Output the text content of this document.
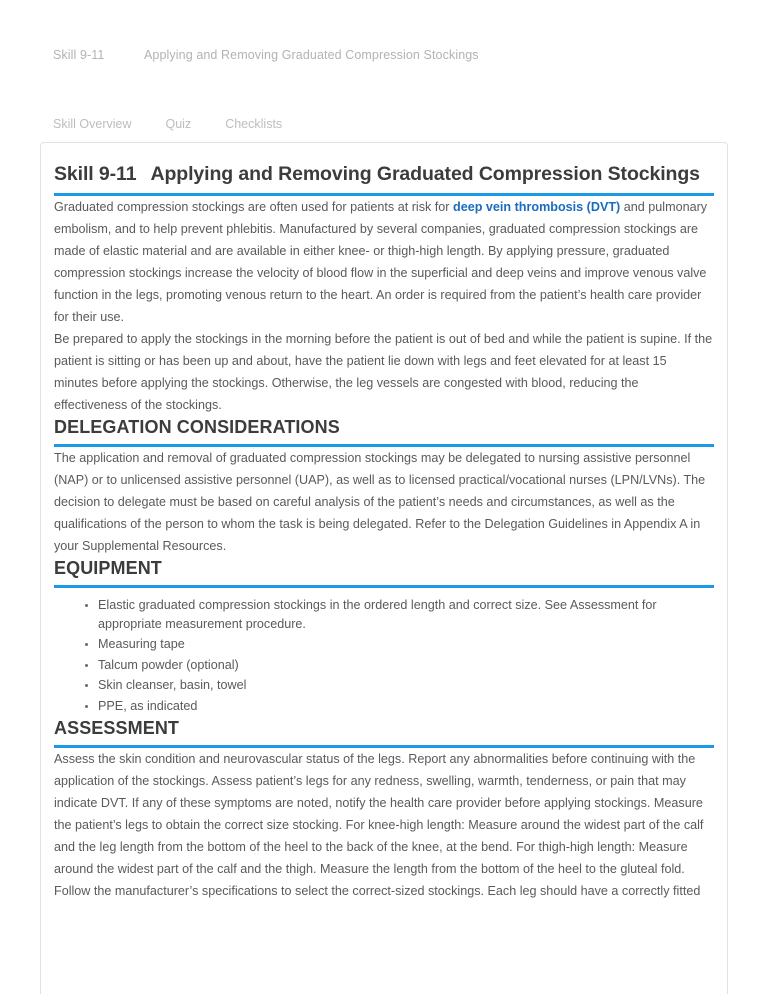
Skill 9-11	Applying and Removing Graduated Compression Stockings
Skill Overview	Quiz	Checklists
Skill 9-11 Applying and Removing Graduated Compression Stockings

Graduated compression stockings are often used for patients at risk for deep vein thrombosis (DVT) and pulmonary embolism, and to help prevent phlebitis. Manufactured by several companies, graduated compression stockings are made of elastic material and are available in either knee- or thigh-high length. By applying pressure, graduated compression stockings increase the velocity of blood flow in the superficial and deep veins and improve venous valve function in the legs, promoting venous return to the heart. An order is required from the patient’s health care provider for their use.

Be prepared to apply the stockings in the morning before the patient is out of bed and while the patient is supine. If the patient is sitting or has been up and about, have the patient lie down with legs and feet elevated for at least 15 minutes before applying the stockings. Otherwise, the leg vessels are congested with blood, reducing the effectiveness of the stockings.

DELEGATION CONSIDERATIONS

The application and removal of graduated compression stockings may be delegated to nursing assistive personnel (NAP) or to unlicensed assistive personnel (UAP), as well as to licensed practical/vocational nurses (LPN/LVNs). The decision to delegate must be based on careful analysis of the patient’s needs and circumstances, as well as the qualifications of the person to whom the task is being delegated. Refer to the Delegation Guidelines in Appendix A in your Supplemental Resources.

EQUIPMENT
Elastic graduated compression stockings in the ordered length and correct size. See Assessment for appropriate measurement procedure.
Measuring tape
Talcum powder (optional)
Skin cleanser, basin, towel
PPE, as indicated
ASSESSMENT

Assess the skin condition and neurovascular status of the legs. Report any abnormalities before continuing with the application of the stockings. Assess patient’s legs for any redness, swelling, warmth, tenderness, or pain that may indicate DVT. If any of these symptoms are noted, notify the health care provider before applying stockings. Measure the patient’s legs to obtain the correct size stocking. For knee-high length: Measure around the widest part of the calf and the leg length from the bottom of the heel to the back of the knee, at the bend. For thigh-high length: Measure around the widest part of the calf and the thigh. Measure the length from the bottom of the heel to the gluteal fold. Follow the manufacturer’s specifications to select the correct-sized stockings. Each leg should have a correctly fitted
